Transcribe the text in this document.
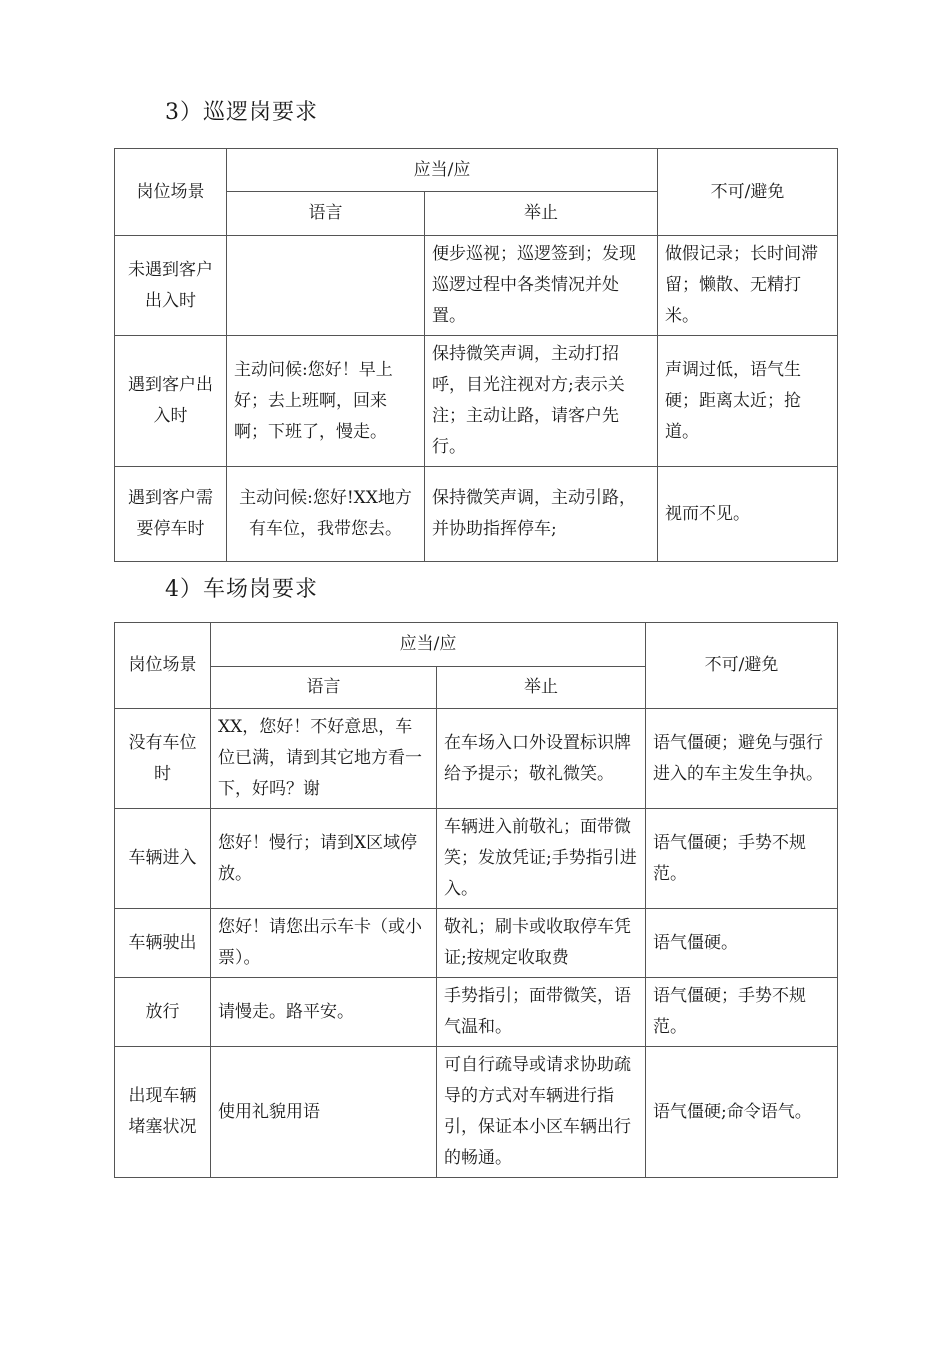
3）巡逻岗要求
岗位场景	应当/应		不可/避免
	语言	举止	
未遇到客户出入时		便步巡视；巡逻签到；发现巡逻过程中各类情况并处置。	做假记录；长时间滞留；懒散、无精打米。
遇到客户出入时	主动问候:您好！早上好；去上班啊，回来啊；下班了，慢走。	保持微笑声调，主动打招呼，目光注视对方;表示关注；主动让路，请客户先行。	声调过低，语气生硬；距离太近；抢道。
遇到客户需要停车时	主动问候:您好!XX地方有车位，我带您去。	保持微笑声调，主动引路，并协助指挥停车;	视而不见。
4）车场岗要求
岗位场景	应当/应		不可/避免
	语言	举止	
没有车位时	XX，您好！不好意思，车位已满，请到其它地方看一下，好吗？谢	在车场入口外设置标识牌给予提示；敬礼微笑。	语气僵硬；避免与强行进入的车主发生争执。
车辆进入	您好！慢行；请到X区域停放。	车辆进入前敬礼；面带微笑；发放凭证;手势指引进入。	语气僵硬；手势不规范。
车辆驶出	您好！请您出示车卡（或小票）。	敬礼；刷卡或收取停车凭证;按规定收取费	语气僵硬。
放行	请慢走。路平安。	手势指引；面带微笑，语气温和。	语气僵硬；手势不规范。
出现车辆堵塞状况	使用礼貌用语	可自行疏导或请求协助疏导的方式对车辆进行指引，保证本小区车辆出行的畅通。	语气僵硬;命令语气。
